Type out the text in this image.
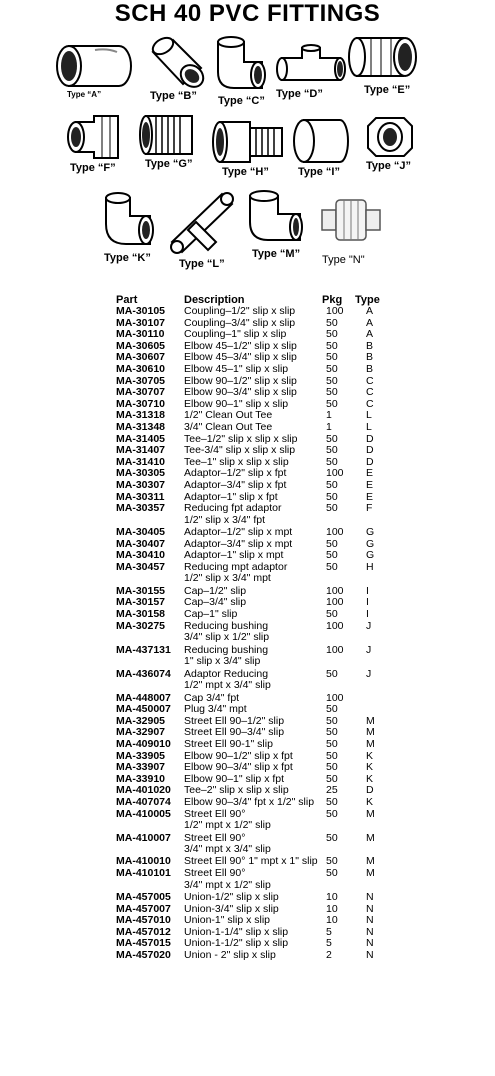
SCH 40 PVC FITTINGS
Type “A”	Type “B” Type “C”
Type “D”	Type “E”
Type “F”	Type “G”
Type “H”	Type “I” Type “J”
Type “K”	Type “L”
Type “M” Type "N"
Part	Description	Pkg Type
MA-30105 Coupling–1/2" slip x slip	100 A
MA-30107 Coupling–3/4" slip x slip	50	A
MA-30110 Coupling–1" slip x slip	50	A
MA-30605 Elbow 45–1/2" slip x slip	50	B
MA-30607 Elbow 45–3/4" slip x slip	50	B
MA-30610 Elbow 45–1" slip x slip	50	B
MA-30705 Elbow 90–1/2" slip x slip	50	C
MA-30707 Elbow 90–3/4" slip x slip	50	C
MA-30710 Elbow 90–1" slip x slip	50	C
MA-31318 1/2" Clean Out Tee	1	L
MA-31348 3/4" Clean Out Tee	1	L
MA-31405 Tee–1/2" slip x slip x slip	50	D
MA-31407 Tee-3/4" slip x slip x slip	50	D
MA-31410 Tee–1" slip x slip x slip	50	D
MA-30305 Adaptor–1/2" slip x fpt	100 E
MA-30307 Adaptor–3/4" slip x fpt	50	E
MA-30311 Adaptor–1" slip x fpt	50	E
MA-30357 Reducing fpt adaptor	50	F
1/2" slip x 3/4" fpt
MA-30405 Adaptor–1/2" slip x mpt	100 G
MA-30407 Adaptor–3/4" slip x mpt	50	G
MA-30410 Adaptor–1" slip x mpt	50	G
MA-30457 Reducing mpt adaptor	50	H
1/2" slip x 3/4" mpt
MA-30155 Cap–1/2" slip	100 I
MA-30157 Cap–3/4" slip	100 I
MA-30158 Cap–1" slip	50	I
MA-30275 Reducing bushing	100 J
3/4" slip x 1/2" slip
MA-437131 Reducing bushing	100 J
1" slip x 3/4" slip
MA-436074 Adaptor Reducing	50	J
1/2" mpt x 3/4" slip
MA-448007 Cap 3/4" fpt	100
MA-450007 Plug 3/4" mpt	50
MA-32905 Street Ell 90–1/2" slip	50	M
MA-32907 Street Ell 90–3/4" slip	50	M
MA-409010 Street Ell 90-1" slip	50	M
MA-33905 Elbow 90–1/2" slip x fpt	50	K
MA-33907 Elbow 90–3/4" slip x fpt	50	K
MA-33910 Elbow 90–1" slip x fpt	50	K
MA-401020 Tee–2" slip x slip x slip	25	D
MA-407074 Elbow 90–3/4" fpt x 1/2" slip 50	K
MA-410005 Street Ell 90°	50	M
1/2" mpt x 1/2" slip
MA-410007 Street Ell 90°	50	M
3/4" mpt x 3/4" slip
MA-410010 Street Ell 90° 1" mpt x 1" slip 50	M
MA-410101 Street Ell 90°	50	M
3/4" mpt x 1/2" slip
MA-457005 Union-1/2" slip x slip	10	N
MA-457007 Union-3/4" slip x slip	10	N
MA-457010 Union-1" slip x slip	10	N
MA-457012 Union-1-1/4" slip x slip	5	N
MA-457015 Union-1-1/2" slip x slip	5	N
MA-457020 Union - 2" slip x slip	2	N
